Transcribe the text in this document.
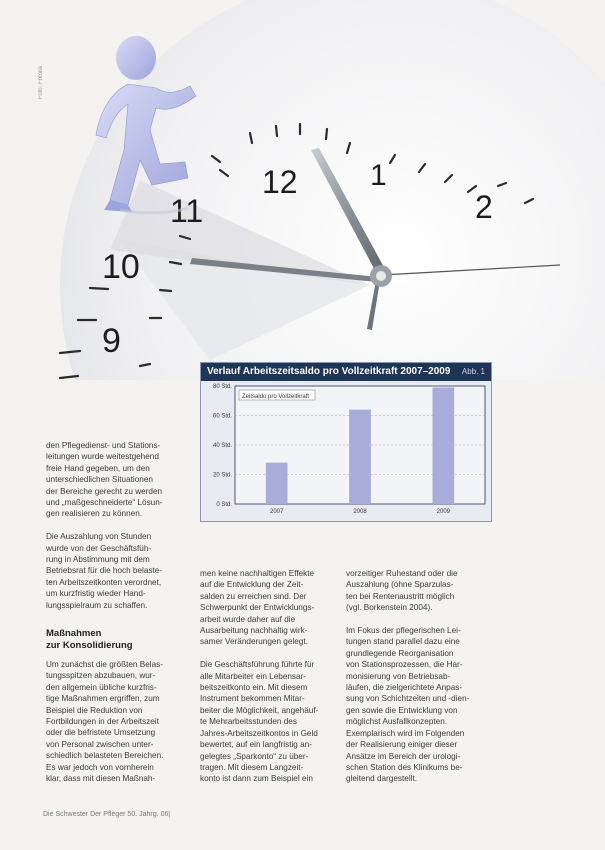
Foto: Fotolia
12 1
2
11
10
9
Verlauf Arbeitszeitsaldo pro Vollzeitkraft 2007–2009 Abb. 1
0 Std.
20 Std.
40 Std.
60 Std.
80 Std.
2007	2008	2009
Zeitsaldo pro Vollzeitkraft

den Pflegedienst- und Stations-

leitungen wurde weitestgehend

freie Hand gegeben, um den

unterschiedlichen Situationen

der Bereiche gerecht zu werden

und „maßgeschneiderte“ Lösun-

gen realisieren zu können.

Die Auszahlung von Stunden

wurde von der Geschäftsfüh-

rung in Abstimmung mit dem

Betriebsrat für die hoch belaste-

ten Arbeitszeitkonten verordnet,

um kurzfristig wieder Hand-

lungsspielraum zu schaffen.

Maßnahmen

zur Konsolidierung

Um zunächst die größten Belas-

tungsspitzen abzubauen, wur-

den allgemein übliche kurzfris-

tige Maßnahmen ergriffen, zum

Beispiel die Reduktion von

Fortbildungen in der Arbeitszeit

oder die befristete Umsetzung

von Personal zwischen unter-

schiedlich belasteten Bereichen.

Es war jedoch von vornherein

klar, dass mit diesen Maßnah-

men keine nachhaltigen Effekte

auf die Entwicklung der Zeit-

salden zu erreichen sind. Der

Schwerpunkt der Entwicklungs-

arbeit wurde daher auf die

Ausarbeitung nachhaltig wirk-

samer Veränderungen gelegt.

Die Geschäftsführung führte für

alle Mitarbeiter ein Lebensar-

beitszeitkonto ein. Mit diesem

Instrument bekommen Mitar-

beiter die Möglichkeit, angehäuf-

te Mehrarbeitsstunden des

Jahres-Arbeitszeitkontos in Geld

bewertet, auf ein langfristig an-

gelegtes „Sparkonto“ zu über-

tragen. Mit diesem Langzeit-

konto ist dann zum Beispiel ein

vorzeitiger Ruhestand oder die

Auszahlung (ohne Sparzulas-

ten bei Rentenaustritt möglich

(vgl. Borkenstein 2004).

Im Fokus der pflegerischen Lei-

tungen stand parallel dazu eine

grundlegende Reorganisation

von Stationsprozessen, die Har-

monisierung von Betriebsab-

läufen, die zielgerichtete Anpas-

sung von Schichtzeiten und -dien-

gen sowie die Entwicklung von

möglichst Ausfallkonzepten.

Exemplarisch wird im Folgenden

der Realisierung einiger dieser

Ansätze im Bereich der urologi-

schen Station des Klinikums be-

gleitend dargestellt.

Die Schwester Der Pfleger 50. Jahrg. 06|
